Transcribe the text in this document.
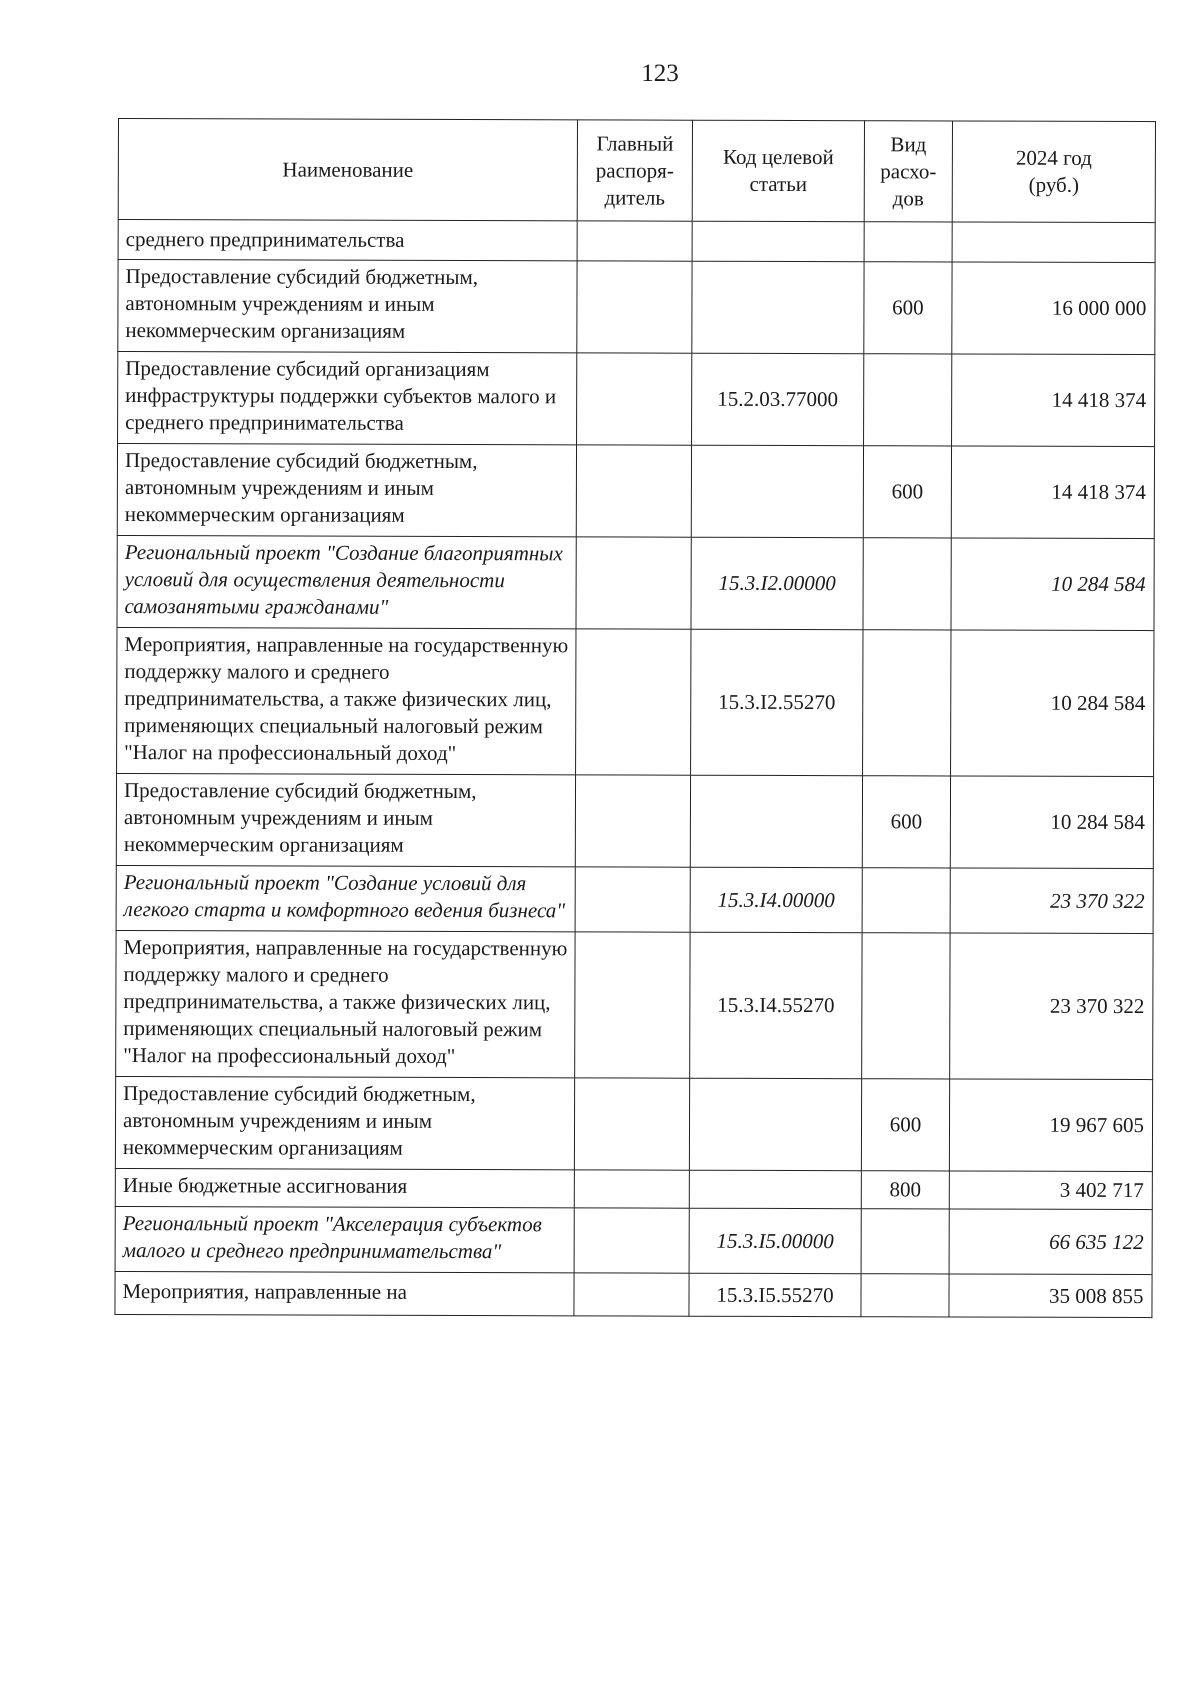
123
Наименование	Главный распоря-дитель	Код целевой статьи	Вид расхо-дов	2024 год (руб.)
среднего предпринимательства				
Предоставление субсидий бюджетным, автономным учреждениям и иным некоммерческим организациям			600	16 000 000
Предоставление субсидий организациям инфраструктуры поддержки субъектов малого и среднего предпринимательства		15.2.03.77000		14 418 374
Предоставление субсидий бюджетным, автономным учреждениям и иным некоммерческим организациям			600	14 418 374
Региональный проект "Создание благоприятных условий для осуществления деятельности самозанятыми гражданами"		15.3.I2.00000		10 284 584
Мероприятия, направленные на государственную поддержку малого и среднего предпринимательства, а также физических лиц, применяющих специальный налоговый режим "Налог на профессиональный доход"		15.3.I2.55270		10 284 584
Предоставление субсидий бюджетным, автономным учреждениям и иным некоммерческим организациям			600	10 284 584
Региональный проект "Создание условий для легкого старта и комфортного ведения бизнеса"		15.3.I4.00000		23 370 322
Мероприятия, направленные на государственную поддержку малого и среднего предпринимательства, а также физических лиц, применяющих специальный налоговый режим "Налог на профессиональный доход"		15.3.I4.55270		23 370 322
Предоставление субсидий бюджетным, автономным учреждениям и иным некоммерческим организациям			600	19 967 605
Иные бюджетные ассигнования			800	3 402 717
Региональный проект "Акселерация субъектов малого и среднего предпринимательства"		15.3.I5.00000		66 635 122
Мероприятия, направленные на		15.3.I5.55270		35 008 855
